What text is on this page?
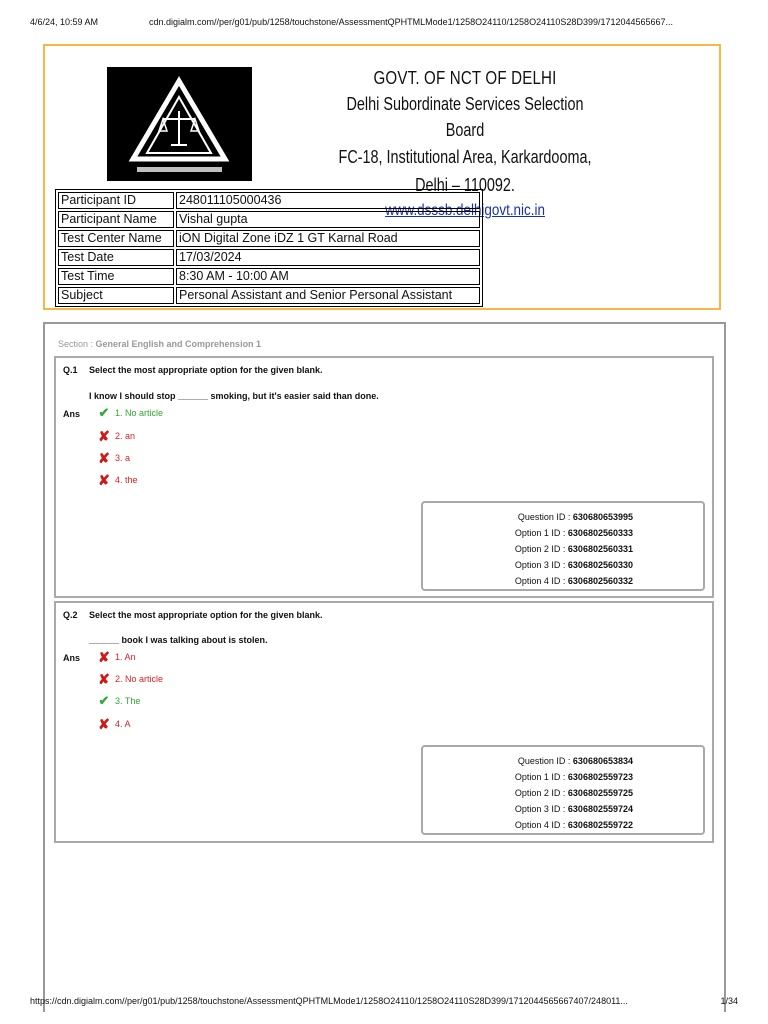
4/6/24, 10:59 AM	cdn.digialm.com//per/g01/pub/1258/touchstone/AssessmentQPHTMLMode1/1258O24110/1258O24110S28D399/1712044565667...
GOVT. OF NCT OF DELHI
Delhi Subordinate Services Selection Board
FC-18, Institutional Area, Karkardooma, Delhi – 110092.
www.dsssb.delhigovt.nic.in
Participant ID	248011105000436
Participant Name	Vishal gupta
Test Center Name	iON Digital Zone iDZ 1 GT Karnal Road
Test Date	17/03/2024
Test Time	8:30 AM - 10:00 AM
Subject	Personal Assistant and Senior Personal Assistant
Section : General English and Comprehension 1
Q.1 Select the most appropriate option for the given blank.
I know I should stop ______ smoking, but it's easier said than done.
Ans ✔ 1. No article
✘ 2. an
✘ 3. a
✘ 4. the
Question ID : 630680653995
Option 1 ID : 6306802560333
Option 2 ID : 6306802560331
Option 3 ID : 6306802560330
Option 4 ID : 6306802560332
Q.2 Select the most appropriate option for the given blank.
______ book I was talking about is stolen.
Ans ✘ 1. An
✘ 2. No article
✔ 3. The
✘ 4. A
Question ID : 630680653834
Option 1 ID : 6306802559723
Option 2 ID : 6306802559725
Option 3 ID : 6306802559724
Option 4 ID : 6306802559722
https://cdn.digialm.com//per/g01/pub/1258/touchstone/AssessmentQPHTMLMode1/1258O24110/1258O24110S28D399/1712044565667407/248011...	1/34
